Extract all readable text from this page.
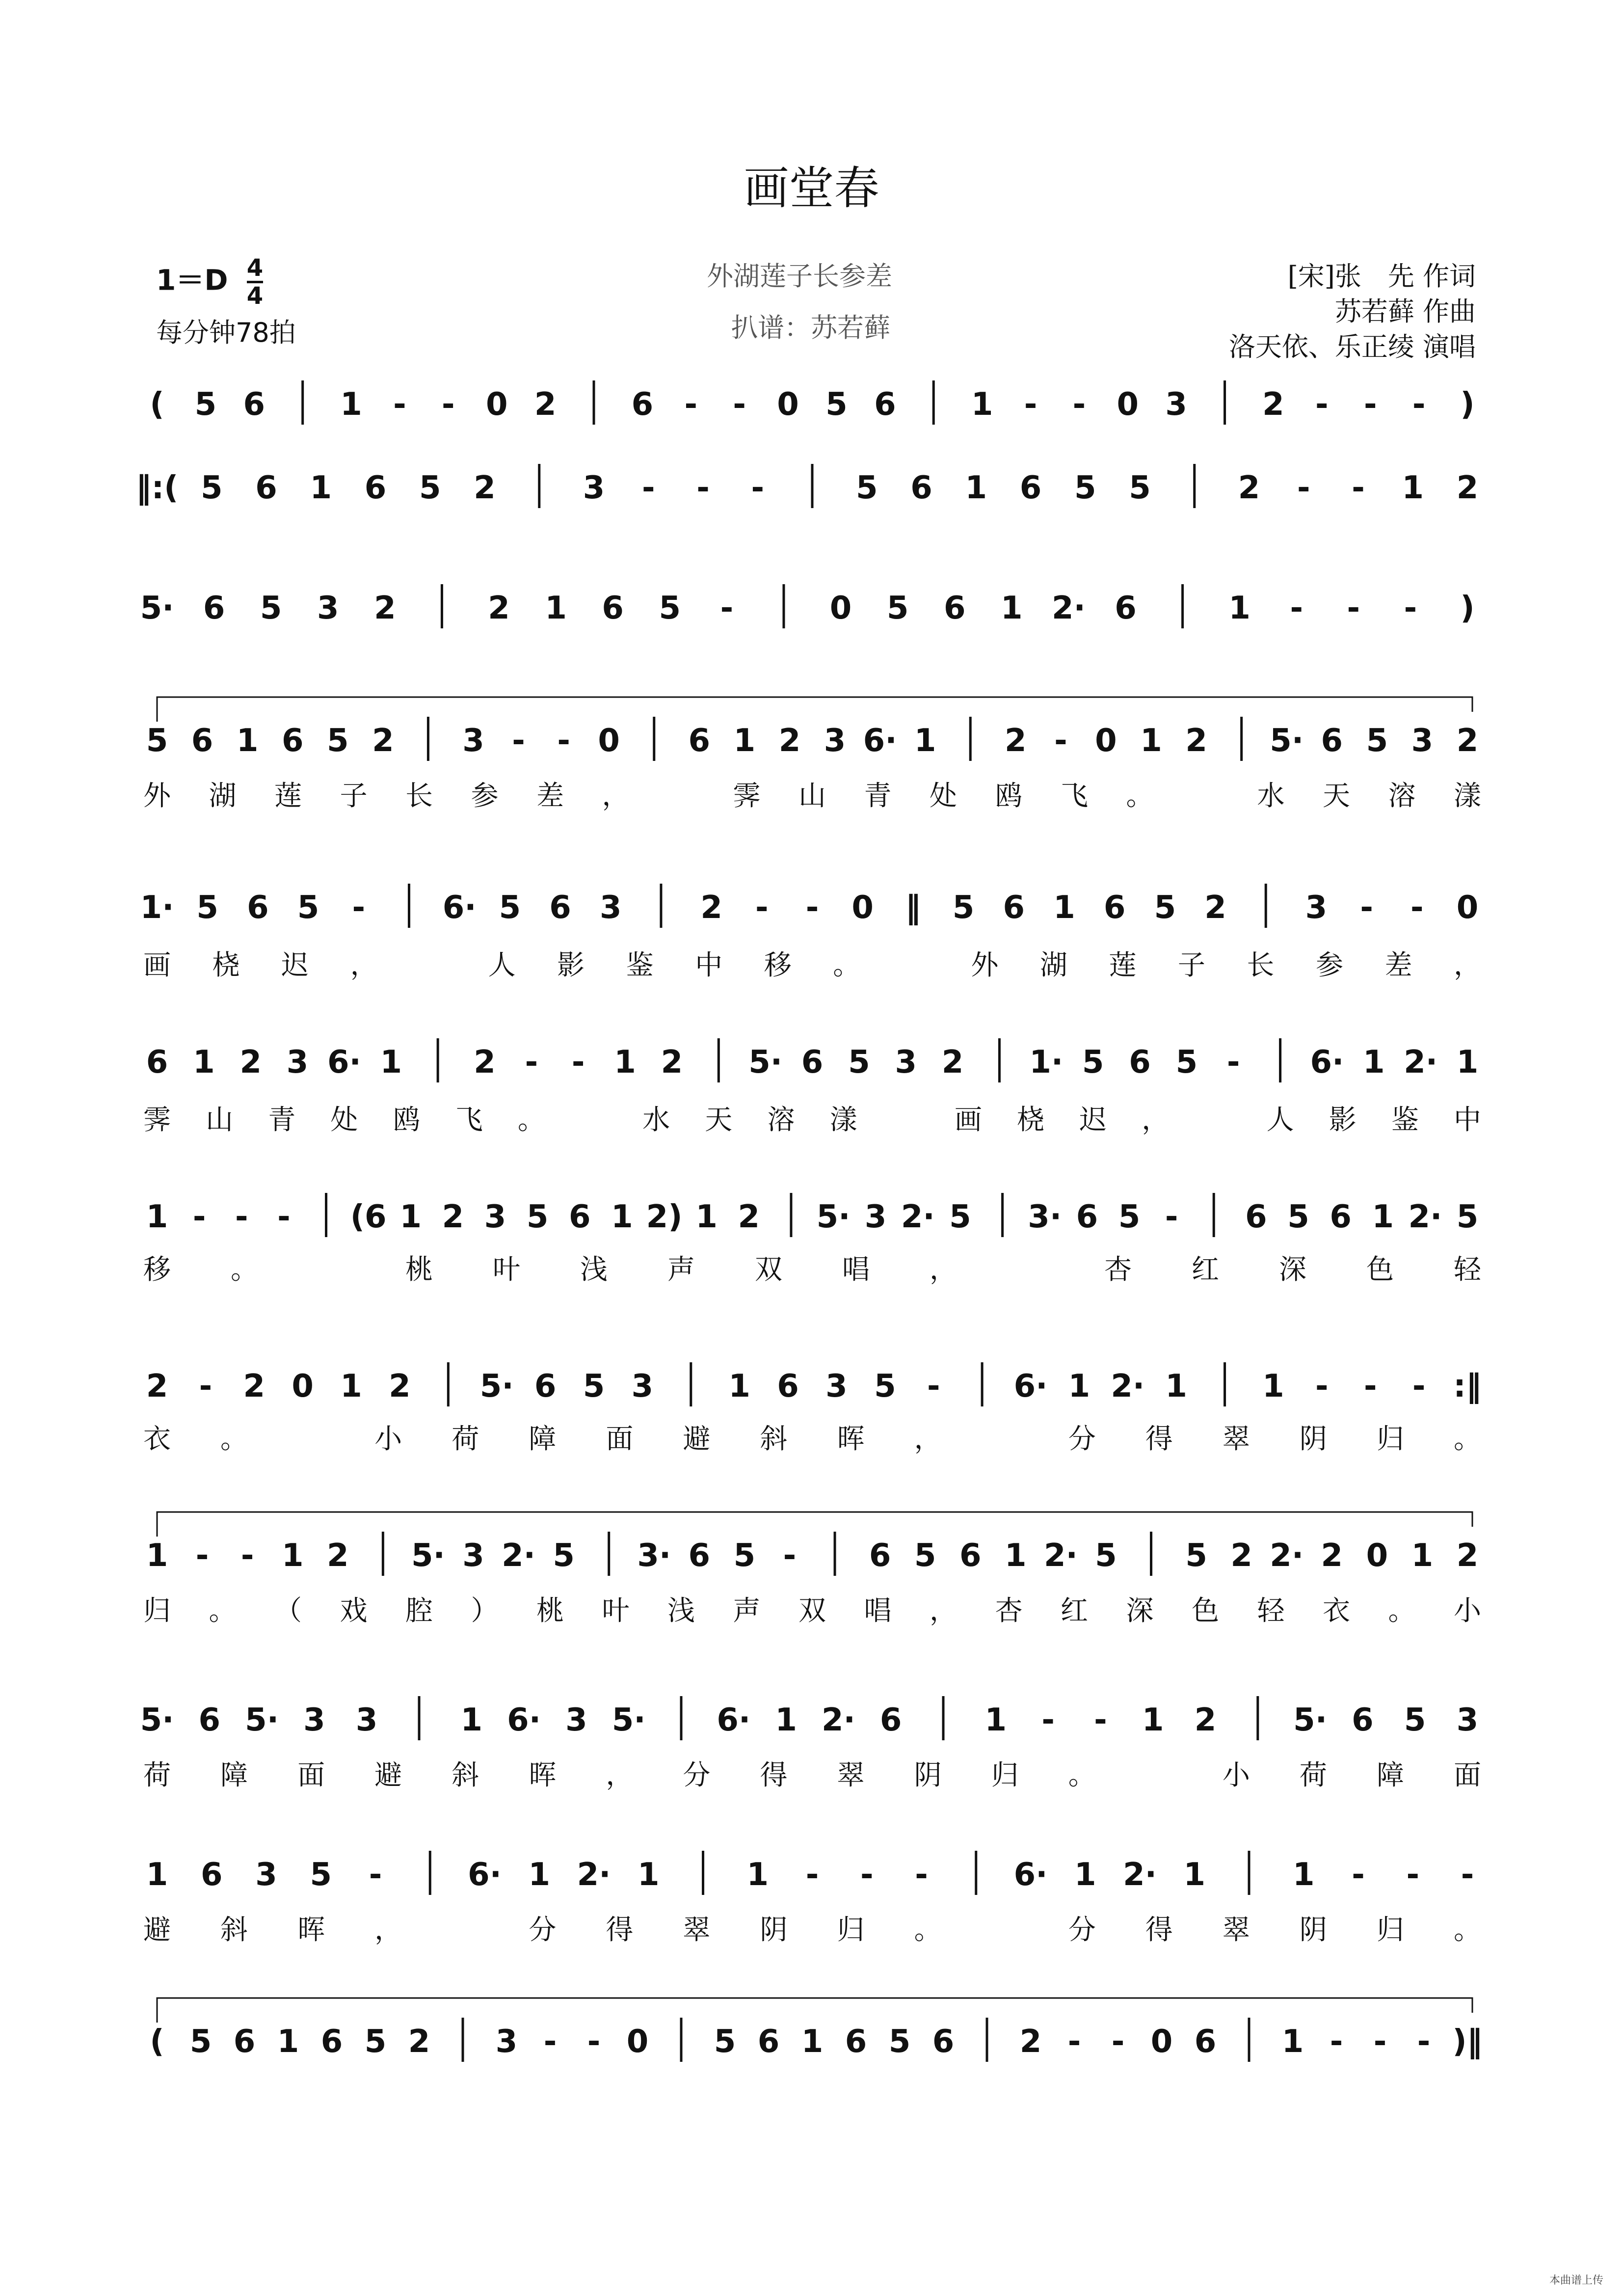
画堂春
$1=D \frac{4}{4}$
每分钟78拍
外湖莲子长参差
扒谱：苏若藓
[宋]张　先 作词
苏若藓 作曲
洛天依、乐正绫 演唱
( 5 6 1 - - 0 2 6 - - 0 5 6 1 - - 0 3 2 - - - )
‖:( 5 6 1 6 5 2	3 - - -	5 6 1 6 5 5	2 - - 1 2
5· 6 5 3 2	2 1 6 5 -	0 5 6 1 2· 6	1 - - - )
5 6 1 6 5 2 3 - - 0 6 1 2 3 6· 1 2 - 0 1 2 5· 6 5 3 2
外 湖 莲 子 长 参 差 ，	霁 山 青 处 鸥 飞 。	水 天 溶 漾
1· 5 6 5 - 6· 5 6 3	2 - - 0 ‖ 5 6 1 6 5 2	3 - - 0
画 桡 迟 ，	人 影 鉴 中 移 。	外 湖 莲 子 长 参 差 ，
6 1 2 3 6· 1 2 - - 1 2 5· 6 5 3 2 1· 5 6 5 - 6· 1 2· 1
霁 山 青 处 鸥 飞 。	水 天 溶 漾	画 桡 迟 ，	人 影 鉴 中
1 - - - (6 1 2 3 5 6 1 2) 1 2 5· 3 2· 5 3· 6 5 - 6 5 6 1 2· 5
移 。	桃 叶 浅 声 双 唱 ，	杏 红 深 色 轻
2 - 2 0 1 2 5· 6 5 3 1 6 3 5 - 6· 1 2· 1 1 - - - :‖
衣 。	小 荷 障 面 避 斜 晖 ，	分 得 翠 阴 归 。
1 - - 1 2 5· 3 2· 5 3· 6 5 - 6 5 6 1 2· 5 5 2 2· 2 0 1 2
归 。 （ 戏 腔 ） 桃 叶 浅 声 双 唱 ， 杏 红 深 色 轻 衣 。 小
5· 6 5· 3 3	1 6· 3 5· 6· 1 2· 6	1 - - 1 2 5· 6 5 3
荷 障 面 避 斜 晖 ， 分 得 翠 阴 归 。	小 荷 障 面
1 6 3 5 -	6· 1 2· 1	1 - - -	6· 1 2· 1	1 - - -
避 斜 晖 ，	分 得 翠 阴 归 。	分 得 翠 阴 归 。
( 5 6 1 6 5 2 3 - - 0 5 6 1 6 5 6 2 - - 0 6 1 - - - )‖
本曲谱上传
